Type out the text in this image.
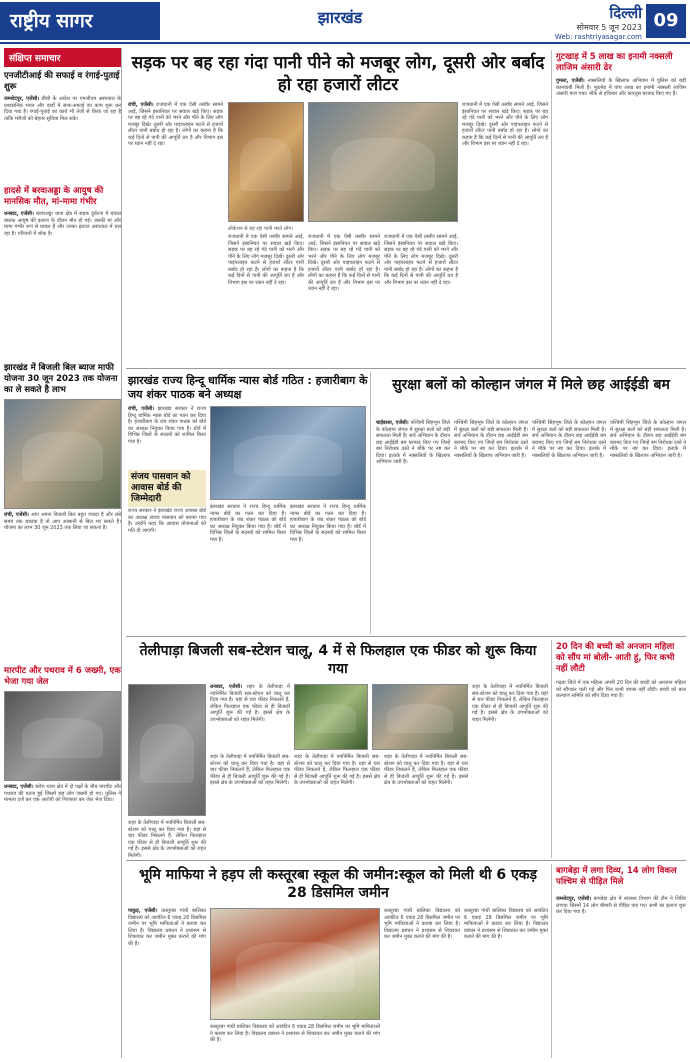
राष्ट्रीय सागर	झारखंड	दिल्ली
सोमवार 5 जून 2023
Web: rashtriyasagar.com
09
संक्षिप्त समाचार
एनजीटीआई की सफाई व रंगाई-पुताई शुरू
जमशेदपुर, एजेंसी। डीसी के आदेश पर एमजीएम अस्पताल के प्रशासनिक भवन और वार्डों में साफ-सफाई का काम शुरू कर दिया गया है। रंगाई-पुताई का कार्य भी तेजी से किया जा रहा है ताकि मरीजों को बेहतर सुविधा मिल सके।
हादसे में बरवाअड्डा के आयुष की मानसिक मौत, मां-मामा गंभीर
धनबाद, एजेंसी। बरवाअड्डा थाना क्षेत्र में सड़क दुर्घटना में घायल बालक आयुष की इलाज के दौरान मौत हो गई। उसकी मां और मामा गंभीर रूप से घायल हैं और उनका इलाज अस्पताल में चल रहा है। परिजनों में शोक है।
झारखंड में बिजली बिल ब्याज माफी योजना 30 जून 2023 तक योजना का ले सकते है लाभ
रांची, एजेंसी। आप अपना बिजली बिल बहुत ज्यादा है और लंबे समय तक बकाया है तो आप आसानी से बिल भर सकते हैं। योजना का लाभ 30 जून 2023 तक लिया जा सकता है।
मारपीट और पथराव में 6 जख्मी, एक भेजा गया जेल
धनबाद, एजेंसी। बरोरा थाना क्षेत्र में दो पक्षों के बीच मारपीट और पथराव की घटना हुई जिसमें छह लोग जख्मी हो गए। पुलिस ने मामला दर्ज कर एक आरोपी को गिरफ्तार कर जेल भेज दिया।
सड़क पर बह रहा गंदा पानी पीने को मजबूर लोग, दूसरी ओर बर्बाद हो रहा हजारों लीटर
रांची, एजेंसी। राजधानी में एक ऐसी तस्वीर सामने आई, जिसने इंसानियत पर सवाल खड़े किए। सड़क पर बह रहे गंदे पानी को भरने और पीने के लिए लोग मजबूर दिखे। दूसरी ओर पाइपलाइन फटने से हजारों लीटर पानी बर्बाद हो रहा है। लोगों का कहना है कि कई दिनों से पानी की आपूर्ति ठप है और विभाग इस पर ध्यान नहीं दे रहा।
लोकेशन से बह रहा पानी भरते लोग।
राजधानी में एक ऐसी तस्वीर सामने आई, जिसने इंसानियत पर सवाल खड़े किए। सड़क पर बह रहे गंदे पानी को भरने और पीने के लिए लोग मजबूर दिखे। दूसरी ओर पाइपलाइन फटने से हजारों लीटर पानी बर्बाद हो रहा है। लोगों का कहना है कि कई दिनों से पानी की आपूर्ति ठप है और विभाग इस पर ध्यान नहीं दे रहा।
राजधानी में एक ऐसी तस्वीर सामने आई, जिसने इंसानियत पर सवाल खड़े किए। सड़क पर बह रहे गंदे पानी को भरने और पीने के लिए लोग मजबूर दिखे। दूसरी ओर पाइपलाइन फटने से हजारों लीटर पानी बर्बाद हो रहा है। लोगों का कहना है कि कई दिनों से पानी की आपूर्ति ठप है और विभाग इस पर ध्यान नहीं दे रहा।
राजधानी में एक ऐसी तस्वीर सामने आई, जिसने इंसानियत पर सवाल खड़े किए। सड़क पर बह रहे गंदे पानी को भरने और पीने के लिए लोग मजबूर दिखे। दूसरी ओर पाइपलाइन फटने से हजारों लीटर पानी बर्बाद हो रहा है। लोगों का कहना है कि कई दिनों से पानी की आपूर्ति ठप है और विभाग इस पर ध्यान नहीं दे रहा।
राजधानी में एक ऐसी तस्वीर सामने आई, जिसने इंसानियत पर सवाल खड़े किए। सड़क पर बह रहे गंदे पानी को भरने और पीने के लिए लोग मजबूर दिखे। दूसरी ओर पाइपलाइन फटने से हजारों लीटर पानी बर्बाद हो रहा है। लोगों का कहना है कि कई दिनों से पानी की आपूर्ति ठप है और विभाग इस पर ध्यान नहीं दे रहा।
गुटखाड़ में 5 लाख का इनामी नक्सली लाजिम अंसारी ढेर
गुमला, एजेंसी। नक्सलियों के खिलाफ अभियान में पुलिस को बड़ी कामयाबी मिली है। मुठभेड़ में पांच लाख का इनामी नक्सली लाजिम अंसारी मारा गया। मौके से हथियार और कारतूस बरामद किए गए हैं।
झारखंड राज्य हिन्दू धार्मिक न्यास बोर्ड गठित : हजारीबाग के जय शंकर पाठक बने अध्यक्ष
रांची, एजेंसी। झारखंड सरकार ने राज्य हिन्दू धार्मिक न्यास बोर्ड का गठन कर दिया है। हजारीबाग के जय शंकर पाठक को बोर्ड का अध्यक्ष नियुक्त किया गया है। बोर्ड में विभिन्न जिलों के सदस्यों को शामिल किया गया है।
संजय पासवान को आवास बोर्ड की जिम्मेदारी
राज्य सरकार ने झारखंड राज्य आवास बोर्ड का अध्यक्ष संजय पासवान को बनाया गया है। उन्होंने कहा कि आवास योजनाओं को गति दी जाएगी।
झारखंड सरकार ने राज्य हिन्दू धार्मिक न्यास बोर्ड का गठन कर दिया है। हजारीबाग के जय शंकर पाठक को बोर्ड का अध्यक्ष नियुक्त किया गया है। बोर्ड में विभिन्न जिलों के सदस्यों को शामिल किया गया है।
झारखंड सरकार ने राज्य हिन्दू धार्मिक न्यास बोर्ड का गठन कर दिया है। हजारीबाग के जय शंकर पाठक को बोर्ड का अध्यक्ष नियुक्त किया गया है। बोर्ड में विभिन्न जिलों के सदस्यों को शामिल किया गया है।
सुरक्षा बलों को कोल्हान जंगल में मिले छह आईईडी बम
चाईबासा, एजेंसी। पश्चिमी सिंहभूम जिले के कोल्हान जंगल में सुरक्षा बलों को बड़ी सफलता मिली है। सर्च अभियान के दौरान छह आईईडी बम बरामद किए गए जिन्हें बम निरोधक दस्ते ने मौके पर नष्ट कर दिया। इलाके में नक्सलियों के खिलाफ अभियान जारी है।
पश्चिमी सिंहभूम जिले के कोल्हान जंगल में सुरक्षा बलों को बड़ी सफलता मिली है। सर्च अभियान के दौरान छह आईईडी बम बरामद किए गए जिन्हें बम निरोधक दस्ते ने मौके पर नष्ट कर दिया। इलाके में नक्सलियों के खिलाफ अभियान जारी है।
पश्चिमी सिंहभूम जिले के कोल्हान जंगल में सुरक्षा बलों को बड़ी सफलता मिली है। सर्च अभियान के दौरान छह आईईडी बम बरामद किए गए जिन्हें बम निरोधक दस्ते ने मौके पर नष्ट कर दिया। इलाके में नक्सलियों के खिलाफ अभियान जारी है।
पश्चिमी सिंहभूम जिले के कोल्हान जंगल में सुरक्षा बलों को बड़ी सफलता मिली है। सर्च अभियान के दौरान छह आईईडी बम बरामद किए गए जिन्हें बम निरोधक दस्ते ने मौके पर नष्ट कर दिया। इलाके में नक्सलियों के खिलाफ अभियान जारी है।
तेलीपाड़ा बिजली सब-स्टेशन चालू, 4 में से फिलहाल एक फीडर को शुरू किया गया
धनबाद, एजेंसी। शहर के तेलीपाड़ा में नवनिर्मित बिजली सब-स्टेशन को चालू कर दिया गया है। यहां से चार फीडर निकलने हैं, लेकिन फिलहाल एक फीडर से ही बिजली आपूर्ति शुरू की गई है। इससे क्षेत्र के उपभोक्ताओं को राहत मिलेगी।
शहर के तेलीपाड़ा में नवनिर्मित बिजली सब-स्टेशन को चालू कर दिया गया है। यहां से चार फीडर निकलने हैं, लेकिन फिलहाल एक फीडर से ही बिजली आपूर्ति शुरू की गई है। इससे क्षेत्र के उपभोक्ताओं को राहत मिलेगी।
शहर के तेलीपाड़ा में नवनिर्मित बिजली सब-स्टेशन को चालू कर दिया गया है। यहां से चार फीडर निकलने हैं, लेकिन फिलहाल एक फीडर से ही बिजली आपूर्ति शुरू की गई है। इससे क्षेत्र के उपभोक्ताओं को राहत मिलेगी।
शहर के तेलीपाड़ा में नवनिर्मित बिजली सब-स्टेशन को चालू कर दिया गया है। यहां से चार फीडर निकलने हैं, लेकिन फिलहाल एक फीडर से ही बिजली आपूर्ति शुरू की गई है। इससे क्षेत्र के उपभोक्ताओं को राहत मिलेगी।
शहर के तेलीपाड़ा में नवनिर्मित बिजली सब-स्टेशन को चालू कर दिया गया है। यहां से चार फीडर निकलने हैं, लेकिन फिलहाल एक फीडर से ही बिजली आपूर्ति शुरू की गई है। इससे क्षेत्र के उपभोक्ताओं को राहत मिलेगी।
शहर के तेलीपाड़ा में नवनिर्मित बिजली सब-स्टेशन को चालू कर दिया गया है। यहां से चार फीडर निकलने हैं, लेकिन फिलहाल एक फीडर से ही बिजली आपूर्ति शुरू की गई है। इससे क्षेत्र के उपभोक्ताओं को राहत मिलेगी।
20 दिन की बच्ची को अनजान महिला को सौंप मां बोली- आती हूं, फिर कभी नहीं लौटी
गढ़वा जिले में एक महिला अपनी 20 दिन की बच्ची को अनजान महिला को सौंपकर चली गई और फिर कभी वापस नहीं लौटी। बच्ची को बाल कल्याण समिति को सौंप दिया गया है।
भूमि माफिया ने हड़प ली कस्तूरबा स्कूल की जमीन:स्कूल को मिली थी 6 एकड़ 28 डिसमिल जमीन
पाकुड़, एजेंसी। कस्तूरबा गांधी बालिका विद्यालय को आवंटित 6 एकड़ 28 डिसमिल जमीन पर भूमि माफियाओं ने कब्जा कर लिया है। विद्यालय प्रबंधन ने प्रशासन से शिकायत कर जमीन मुक्त कराने की मांग की है।
कस्तूरबा गांधी बालिका विद्यालय को आवंटित 6 एकड़ 28 डिसमिल जमीन पर भूमि माफियाओं ने कब्जा कर लिया है। विद्यालय प्रबंधन ने प्रशासन से शिकायत कर जमीन मुक्त कराने की मांग की है।
कस्तूरबा गांधी बालिका विद्यालय को आवंटित 6 एकड़ 28 डिसमिल जमीन पर भूमि माफियाओं ने कब्जा कर लिया है। विद्यालय प्रबंधन ने प्रशासन से शिकायत कर जमीन मुक्त कराने की मांग की है।
कस्तूरबा गांधी बालिका विद्यालय को आवंटित 6 एकड़ 28 डिसमिल जमीन पर भूमि माफियाओं ने कब्जा कर लिया है। विद्यालय प्रबंधन ने प्रशासन से शिकायत कर जमीन मुक्त कराने की मांग की है।
बागबेड़ा में लगा दिव्य, 14 लोग विकल पश्चिम से पीड़ित मिले
जमशेदपुर, एजेंसी। बागबेड़ा क्षेत्र में स्वास्थ्य विभाग की टीम ने शिविर लगाया जिसमें 14 लोग बीमारी से पीड़ित पाए गए। सभी का इलाज शुरू कर दिया गया है।
